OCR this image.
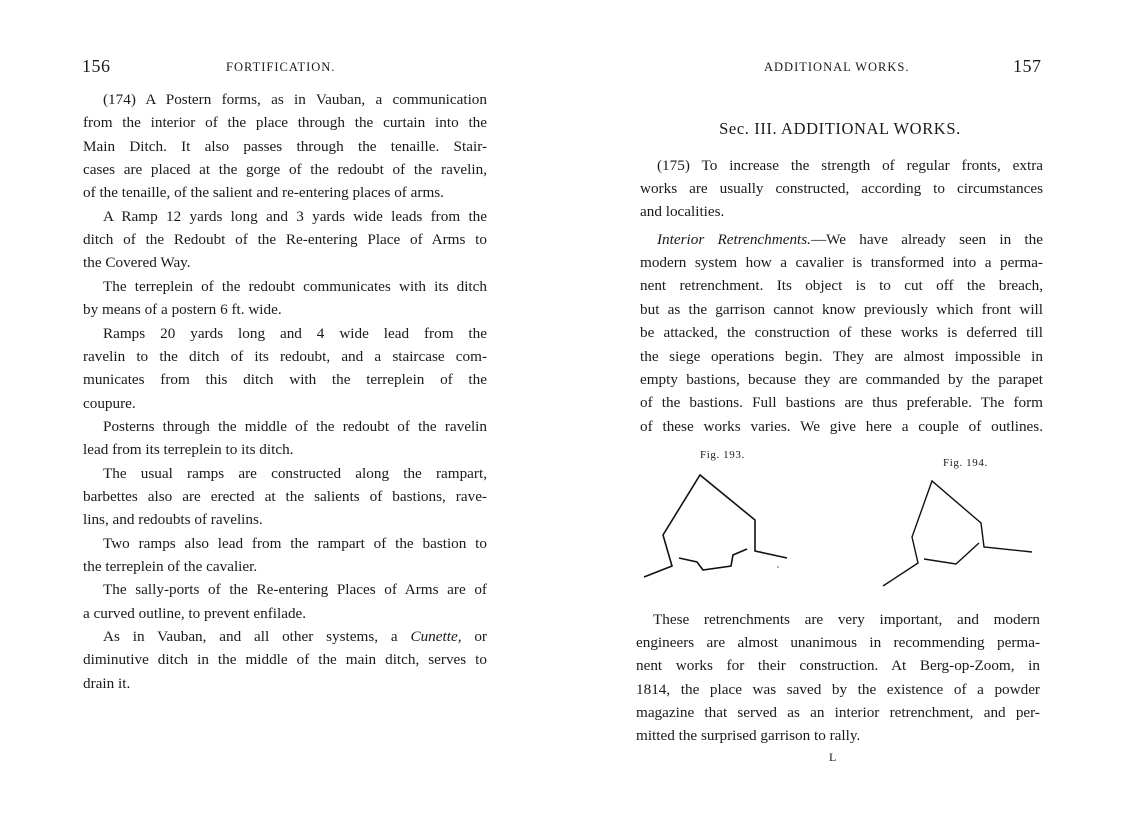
156	FORTIFICATION.
(174) A Postern forms, as in Vauban, a communication
from the interior of the place through the curtain into the
Main Ditch. It also passes through the tenaille. Stair-
cases are placed at the gorge of the redoubt of the ravelin,
of the tenaille, of the salient and re-entering places of arms.
A Ramp 12 yards long and 3 yards wide leads from the
ditch of the Redoubt of the Re-entering Place of Arms to
the Covered Way.
The terreplein of the redoubt communicates with its ditch
by means of a postern 6 ft. wide.
Ramps 20 yards long and 4 wide lead from the
ravelin to the ditch of its redoubt, and a staircase com-
municates from this ditch with the terreplein of the
coupure.
Posterns through the middle of the redoubt of the ravelin
lead from its terreplein to its ditch.
The usual ramps are constructed along the rampart,
barbettes also are erected at the salients of bastions, rave-
lins, and redoubts of ravelins.
Two ramps also lead from the rampart of the bastion to
the terreplein of the cavalier.
The sally-ports of the Re-entering Places of Arms are of
a curved outline, to prevent enfilade.
As in Vauban, and all other systems, a Cunette, or
diminutive ditch in the middle of the main ditch, serves to
drain it.
ADDITIONAL WORKS.	157
Sec. III. ADDITIONAL WORKS.
(175) To increase the strength of regular fronts, extra
works are usually constructed, according to circumstances
and localities.
Interior Retrenchments.—We have already seen in the
modern system how a cavalier is transformed into a perma-
nent retrenchment. Its object is to cut off the breach,
but as the garrison cannot know previously which front will
be attacked, the construction of these works is deferred till
the siege operations begin. They are almost impossible in
empty bastions, because they are commanded by the parapet
of the bastions. Full bastions are thus preferable. The form
of these works varies. We give here a couple of outlines.
These retrenchments are very important, and modern
engineers are almost unanimous in recommending perma-
nent works for their construction. At Berg-op-Zoom, in
1814, the place was saved by the existence of a powder
magazine that served as an interior retrenchment, and per-
mitted the surprised garrison to rally.
Fig. 193.
Fig. 194.
L
